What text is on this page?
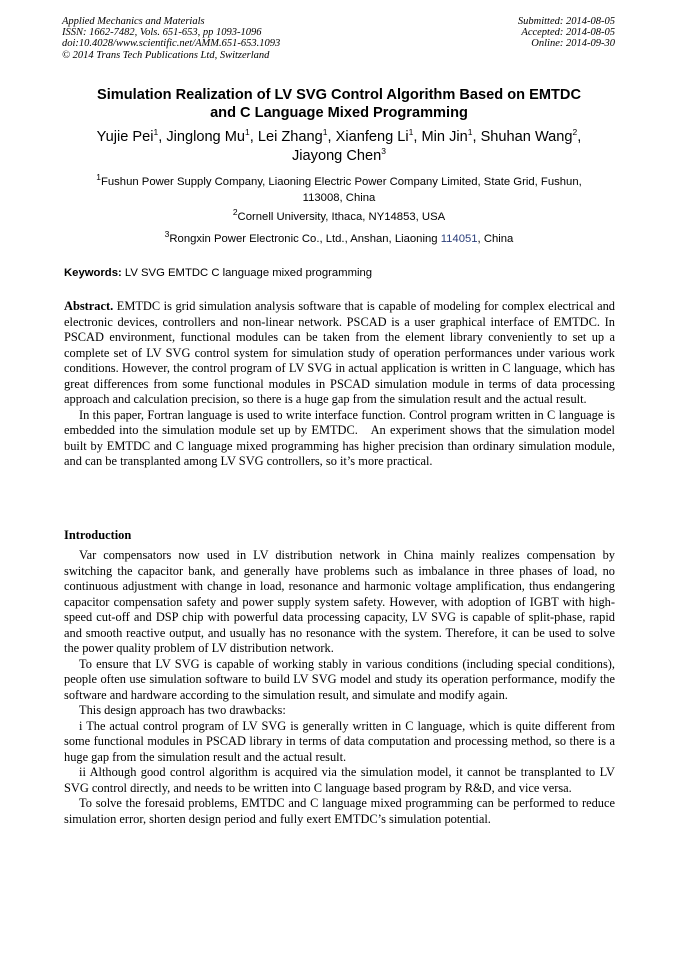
Applied Mechanics and Materials
ISSN: 1662-7482, Vols. 651-653, pp 1093-1096
doi:10.4028/www.scientific.net/AMM.651-653.1093
© 2014 Trans Tech Publications Ltd, Switzerland
Submitted: 2014-08-05
Accepted: 2014-08-05
Online: 2014-09-30
Simulation Realization of LV SVG Control Algorithm Based on EMTDC
and C Language Mixed Programming
Yujie Pei$^1$, Jinglong Mu$^1$, Lei Zhang$^1$, Xianfeng Li$^1$, Min Jin$^1$, Shuhan Wang$^2$,
Jiayong Chen$^3$
$^1$Fushun Power Supply Company, Liaoning Electric Power Company Limited, State Grid, Fushun,
113008, China
$^2$Cornell University, Ithaca, NY14853, USA
$^3$Rongxin Power Electronic Co., Ltd., Anshan, Liaoning 114051, China
Keywords: LV SVG EMTDC C language mixed programming

Abstract. EMTDC is grid simulation analysis software that is capable of modeling for complex electrical and electronic devices, controllers and non-linear network. PSCAD is a user graphical interface of EMTDC. In PSCAD environment, functional modules can be taken from the element library conveniently to set up a complete set of LV SVG control system for simulation study of operation performances under various work conditions. However, the control program of LV SVG in actual application is written in C language, which has great differences from some functional modules in PSCAD simulation module in terms of data processing approach and calculation precision, so there is a huge gap from the simulation result and the actual result.

In this paper, Fortran language is used to write interface function. Control program written in C language is embedded into the simulation module set up by EMTDC.   An experiment shows that the simulation model built by EMTDC and C language mixed programming has higher precision than ordinary simulation module, and can be transplanted among LV SVG controllers, so it’s more practical.

Introduction

Var compensators now used in LV distribution network in China mainly realizes compensation by switching the capacitor bank, and generally have problems such as imbalance in three phases of load, no continuous adjustment with change in load, resonance and harmonic voltage amplification, thus endangering capacitor compensation safety and power supply system safety. However, with adoption of IGBT with high-speed cut-off and DSP chip with powerful data processing capacity, LV SVG is capable of split-phase, rapid and smooth reactive output, and usually has no resonance with the system. Therefore, it can be used to solve the power quality problem of LV distribution network.

To ensure that LV SVG is capable of working stably in various conditions (including special conditions), people often use simulation software to build LV SVG model and study its operation performance, modify the software and hardware according to the simulation result, and simulate and modify again.

This design approach has two drawbacks:

i The actual control program of LV SVG is generally written in C language, which is quite different from some functional modules in PSCAD library in terms of data computation and processing method, so there is a huge gap from the simulation result and the actual result.

ii Although good control algorithm is acquired via the simulation model, it cannot be transplanted to LV SVG control directly, and needs to be written into C language based program by R&D, and vice versa.

To solve the foresaid problems, EMTDC and C language mixed programming can be performed to reduce simulation error, shorten design period and fully exert EMTDC’s simulation potential.
